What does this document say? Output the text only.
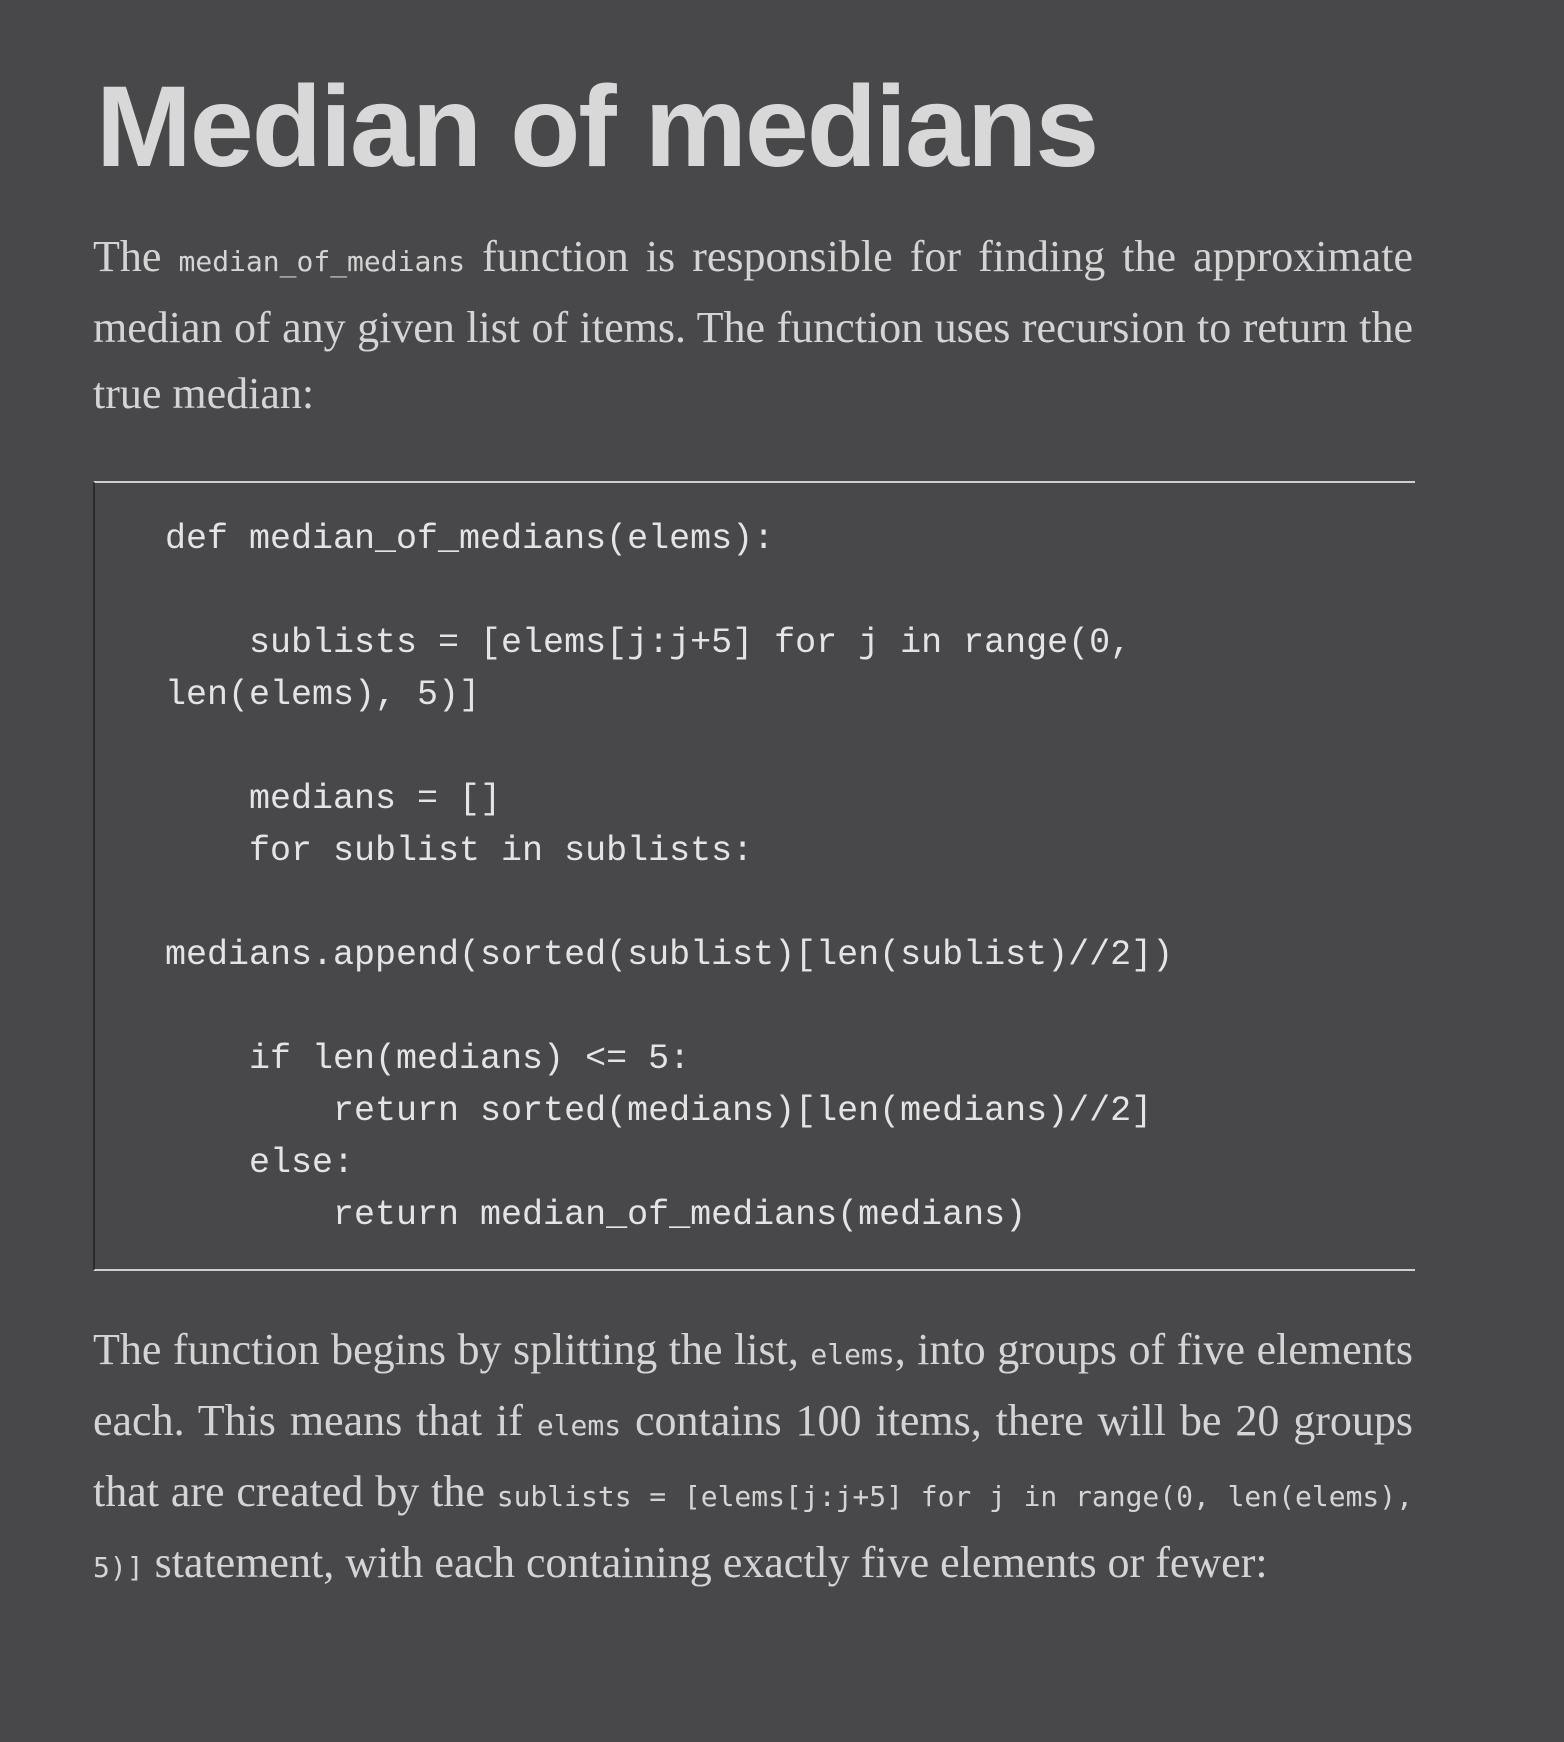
Median of medians

The median_of_medians function is responsible for finding the approximate median of any given list of items. The function uses recursion to return the true median:

def median_of_medians(elems):
sublists = [elems[j:j+5] for j in range(0,
len(elems), 5)]
medians = []
for sublist in sublists:
medians.append(sorted(sublist)[len(sublist)//2])
if len(medians) <= 5:
return sorted(medians)[len(medians)//2]
else:
return median_of_medians(medians)

The function begins by splitting the list, elems, into groups of five elements each. This means that if elems contains 100 items, there will be 20 groups that are created by the sublists = [elems[j:j+5] for j in range(0, len(elems), 5)] statement, with each containing exactly five elements or fewer:
